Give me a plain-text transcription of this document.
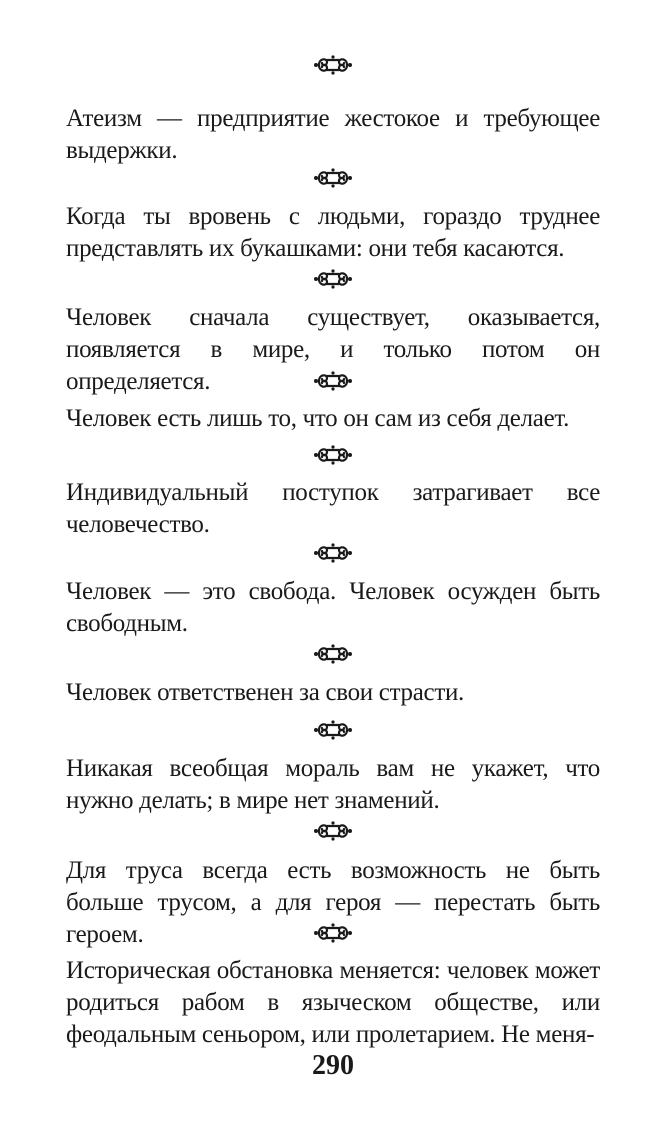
Атеизм — предприятие жестокое и требующее выдержки.

Когда ты вровень с людьми, гораздо труднее представлять их букашками: они тебя касаются.

Человек сначала существует, оказывается, появляется в мире, и только потом он определяется.

Человек есть лишь то, что он сам из себя делает.

Индивидуальный поступок затрагивает все человечество.

Человек — это свобода. Человек осужден быть свободным.

Человек ответственен за свои страсти.

Никакая всеобщая мораль вам не укажет, что нужно делать; в мире нет знамений.

Для труса всегда есть возможность не быть больше трусом, а для героя — перестать быть героем.

Историческая обстановка меняется: человек может родиться рабом в языческом обществе, или феодальным сеньором, или пролетарием. Не меня-

290
